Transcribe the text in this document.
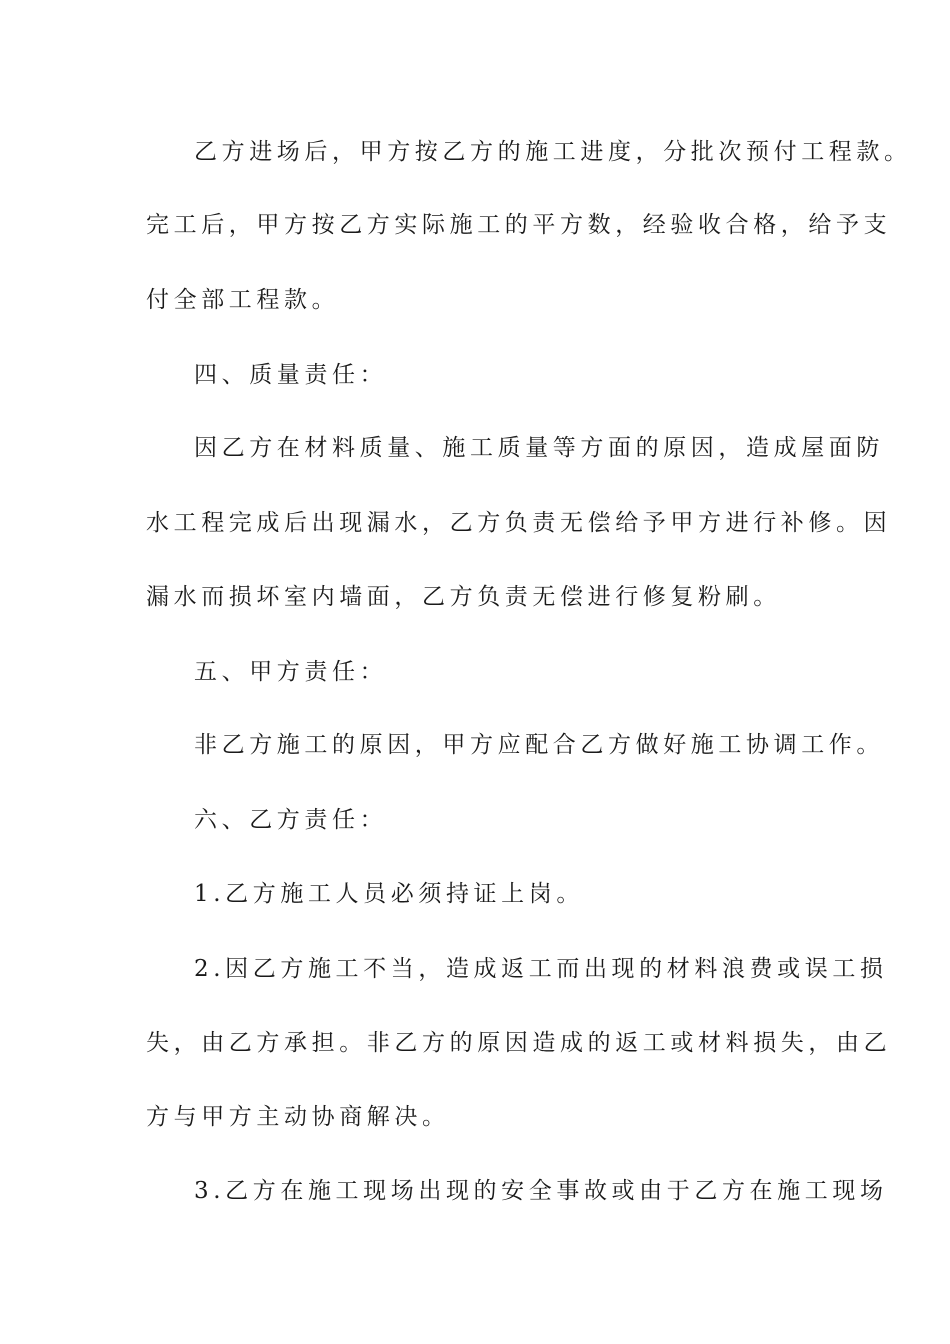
乙方进场后，甲方按乙方的施工进度，分批次预付工程款。
完工后，甲方按乙方实际施工的平方数，经验收合格，给予支
付全部工程款。
四、质量责任：
因乙方在材料质量、施工质量等方面的原因，造成屋面防
水工程完成后出现漏水，乙方负责无偿给予甲方进行补修。因
漏水而损坏室内墙面，乙方负责无偿进行修复粉刷。
五、甲方责任：
非乙方施工的原因，甲方应配合乙方做好施工协调工作。
六、乙方责任：
1.乙方施工人员必须持证上岗。
2.因乙方施工不当，造成返工而出现的材料浪费或误工损
失，由乙方承担。非乙方的原因造成的返工或材料损失，由乙
方与甲方主动协商解决。
3.乙方在施工现场出现的安全事故或由于乙方在施工现场
